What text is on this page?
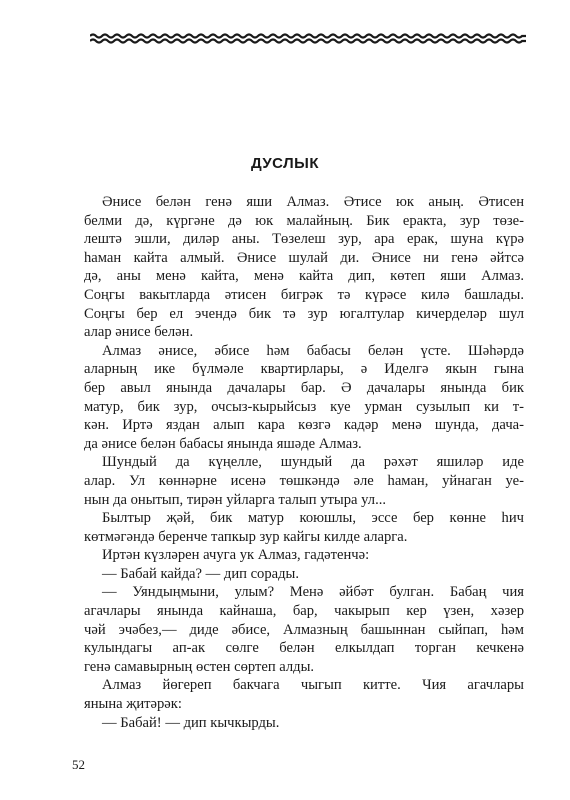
ДУСЛЫК
Әнисе белән генә яши Алмаз. Әтисе юк аның. Әтисен
белми дә, күргәне дә юк малайның. Бик ерактa, зур төзе-
лештә эшли, диләр аны. Төзелеш зур, ара ерак, шуна күрә
һаман кайта алмый. Әнисе шулай ди. Әнисе ни генә әйтсә
дә, аны менә кайта, менә кайта дип, көтеп яши Алмаз.
Соңгы вакытларда әтисен бигрәк тә күрәсе килә башлады.
Соңгы бер ел эчендә бик тә зур югалтулар кичерделәр шул
алар әнисе белән.
Алмаз әнисе, әбисе һәм бабасы белән үсте. Шәһәрдә
аларның ике бүлмәле квартирлары, ә Иделгә якын гына
бер авыл янында дачалары бар. Ә дачалары янында бик
матур, бик зур, очсыз-кырыйсыз куе урман сузылып ки т-
кән. Иртә яздан алып кара көзгә кадәр менә шунда, дача-
да әнисе белән бабасы янында яшәде Алмаз.
Шундый да күңелле, шундый да рәхәт яшиләр иде
алар. Ул көннәрне исенә төшкәндә әле һаман, уйнаган уе-
нын да онытып, тирән уйларга талып утыра ул...
Былтыр җәй, бик матур коюшлы, эссе бер көнне һич
көтмәгәндә беренче тапкыр зур кайгы килде аларга.
Иртән күзләрен ачуга ук Алмаз, гадәтенчә:
— Бабай кайда? — дип сорады.
— Уяндыңмыни, улым? Менә әйбәт булган. Бабаң чия
агачлары янында кайнаша, бар, чакырып кер үзен, хәзер
чәй эчәбез,— диде әбисе, Алмазның башыннан сыйпап, һәм
кулындагы ап-ак сөлге белән елкылдап торган кечкенә
генә самавырның өстен сөртеп алды.
Алмаз йөгереп бакчага чыгып китте. Чия агачлары
янына җитәрәк:
— Бабай! — дип кычкырды.
52
